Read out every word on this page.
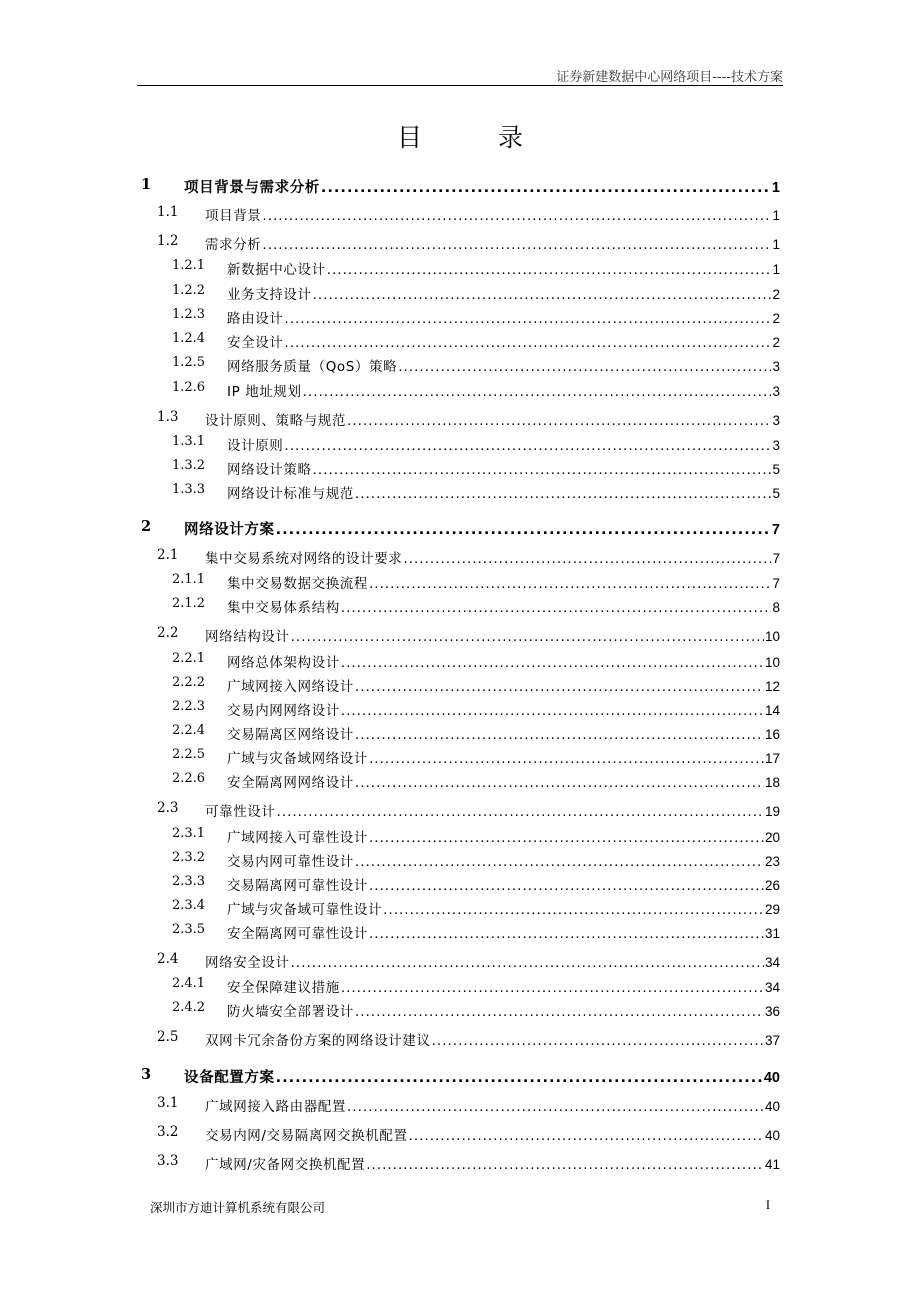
证券新建数据中心网络项目----技术方案
目 录
1 项目背景与需求分析 .....	1
1.1 项目背景 .....	1
1.2 需求分析 .....	1
1.2.1 新数据中心设计 .....	1
1.2.2 业务支持设计 .....	2
1.2.3 路由设计 .....	2
1.2.4 安全设计 .....	2
1.2.5 网络服务质量（QoS）策略 .....	3
1.2.6 IP 地址规划 .....	3
1.3 设计原则、策略与规范 .....	3
1.3.1 设计原则 .....	3
1.3.2 网络设计策略 .....	5
1.3.3 网络设计标准与规范 .....	5
2 网络设计方案 .....	7
2.1 集中交易系统对网络的设计要求 .....	7
2.1.1 集中交易数据交换流程 .....	7
2.1.2 集中交易体系结构 .....	8
2.2 网络结构设计 .....	10
2.2.1 网络总体架构设计 .....	10
2.2.2 广域网接入网络设计 .....	12
2.2.3 交易内网网络设计 .....	14
2.2.4 交易隔离区网络设计 .....	16
2.2.5 广域与灾备域网络设计 .....	17
2.2.6 安全隔离网网络设计 .....	18
2.3 可靠性设计 .....	19
2.3.1 广域网接入可靠性设计 .....	20
2.3.2 交易内网可靠性设计 .....	23
2.3.3 交易隔离网可靠性设计 .....	26
2.3.4 广域与灾备域可靠性设计 .....	29
2.3.5 安全隔离网可靠性设计 .....	31
2.4 网络安全设计 .....	34
2.4.1 安全保障建议措施 .....	34
2.4.2 防火墙安全部署设计 .....	36
2.5 双网卡冗余备份方案的网络设计建议 .....	37
3 设备配置方案 .....	40
3.1 广域网接入路由器配置 .....	40
3.2 交易内网/交易隔离网交换机配置 .....	40
3.3 广域网/灾备网交换机配置 .....	41
深圳市方迪计算机系统有限公司	I
